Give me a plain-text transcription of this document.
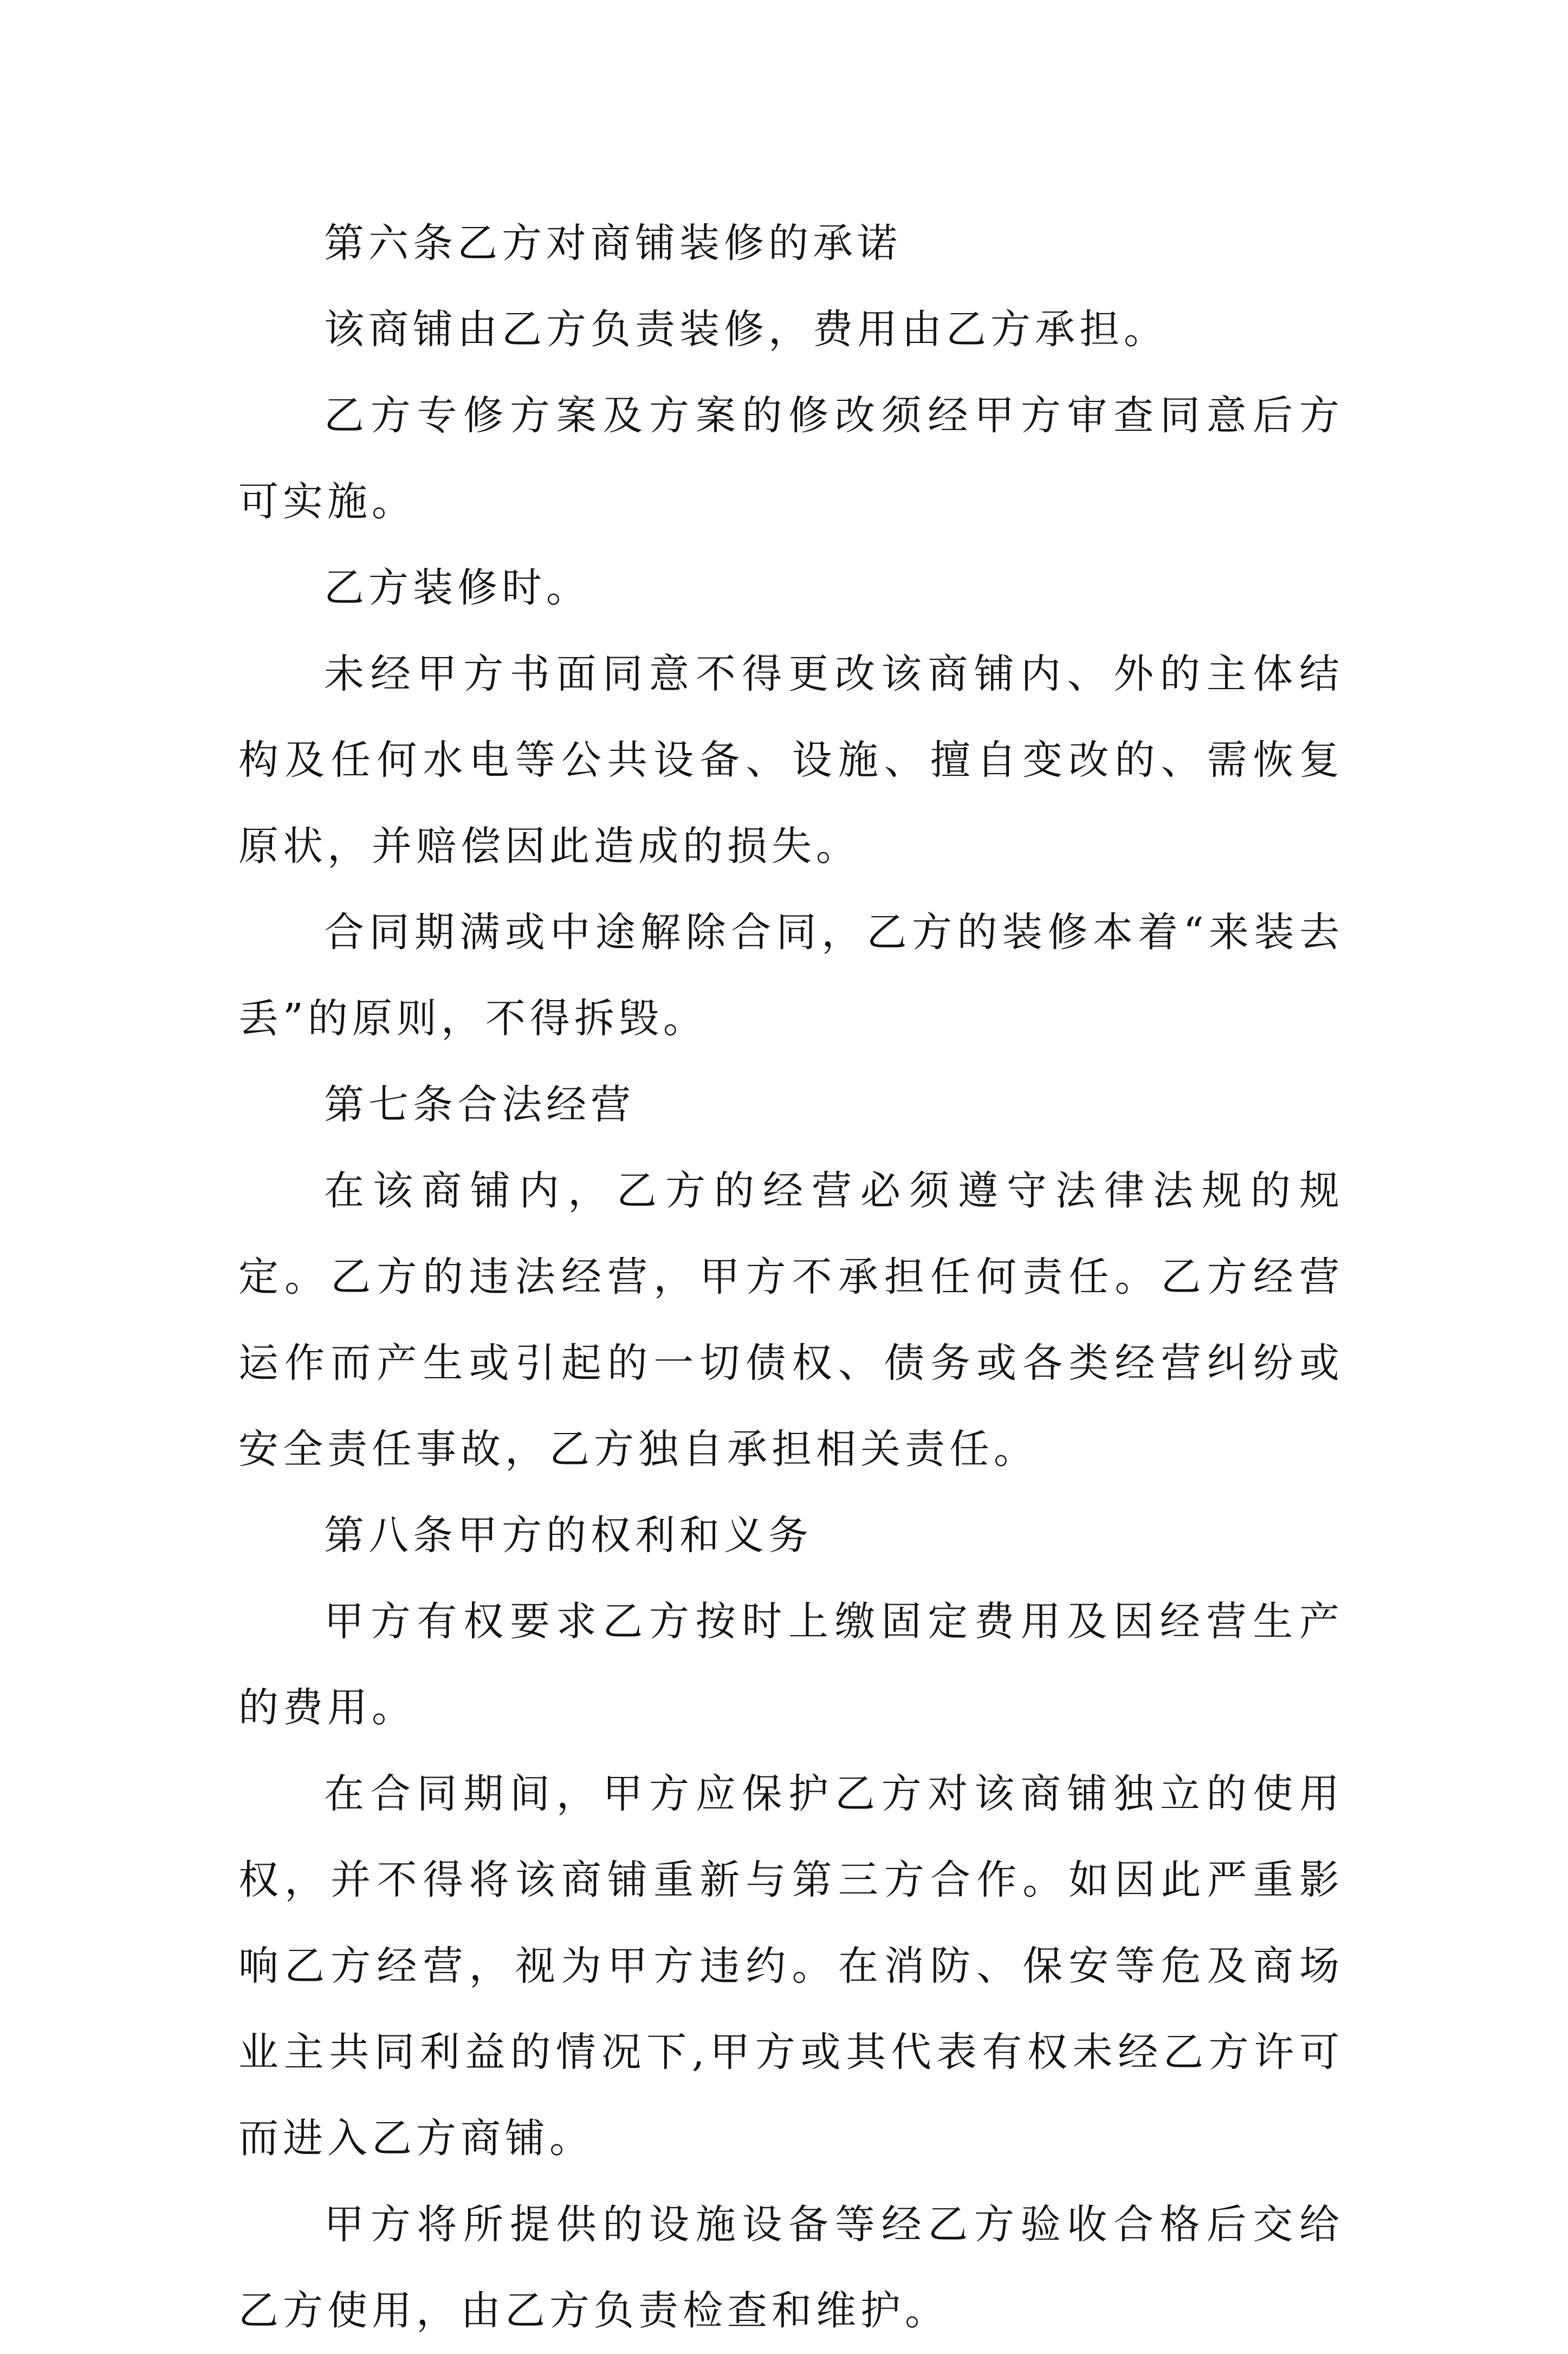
第六条乙方对商铺装修的承诺

该商铺由乙方负责装修，费用由乙方承担。

乙方专修方案及方案的修改须经甲方审查同意后方可实施。

乙方装修时。

未经甲方书面同意不得更改该商铺内、外的主体结构及任何水电等公共设备、设施、擅自变改的、需恢复原状，并赔偿因此造成的损失。

合同期满或中途解除合同，乙方的装修本着“来装去丢”的原则，不得拆毁。

第七条合法经营

在该商铺内，乙方的经营必须遵守法律法规的规定。乙方的违法经营，甲方不承担任何责任。乙方经营运作而产生或引起的一切债权、债务或各类经营纠纷或安全责任事故，乙方独自承担相关责任。

第八条甲方的权利和义务

甲方有权要求乙方按时上缴固定费用及因经营生产的费用。

在合同期间，甲方应保护乙方对该商铺独立的使用权，并不得将该商铺重新与第三方合作。如因此严重影响乙方经营，视为甲方违约。在消防、保安等危及商场业主共同利益的情况下,甲方或其代表有权未经乙方许可而进入乙方商铺。

甲方将所提供的设施设备等经乙方验收合格后交给乙方使用，由乙方负责检查和维护。
